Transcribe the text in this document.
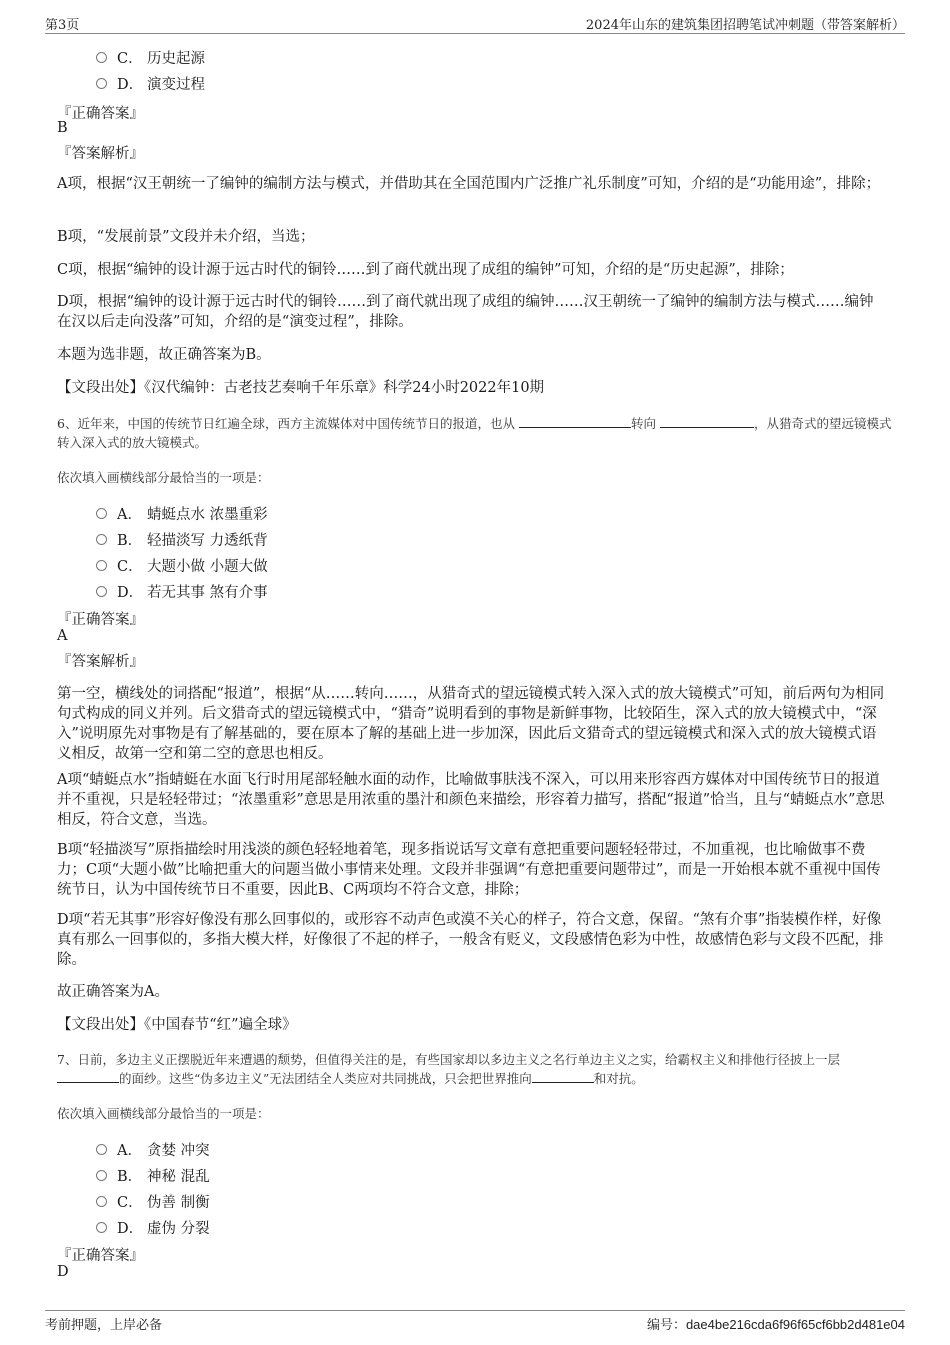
第3页	2024年山东的建筑集团招聘笔试冲刺题（带答案解析）
C． 历史起源
D． 演变过程
『正确答案』
B
『答案解析』
A项，根据“汉王朝统一了编钟的编制方法与模式，并借助其在全国范围内广泛推广礼乐制度”可知，介绍的是“功能用途”，排除；
B项，“发展前景”文段并未介绍，当选；
C项，根据“编钟的设计源于远古时代的铜铃……到了商代就出现了成组的编钟”可知，介绍的是“历史起源”，排除；
D项，根据“编钟的设计源于远古时代的铜铃……到了商代就出现了成组的编钟……汉王朝统一了编钟的编制方法与模式……编钟在汉以后走向没落”可知，介绍的是“演变过程”，排除。
本题为选非题，故正确答案为B。
【文段出处】《汉代编钟：古老技艺奏响千年乐章》科学24小时2022年10期
6、近年来，中国的传统节日红遍全球，西方主流媒体对中国传统节日的报道，也从	转向	，从猎奇式的望远镜模式转入深入式的放大镜模式。
依次填入画横线部分最恰当的一项是：
A． 蜻蜓点水 浓墨重彩
B． 轻描淡写 力透纸背
C． 大题小做 小题大做
D． 若无其事 煞有介事
『正确答案』
A
『答案解析』
第一空，横线处的词搭配“报道”，根据“从……转向……，从猎奇式的望远镜模式转入深入式的放大镜模式”可知，前后两句为相同句式构成的同义并列。后文猎奇式的望远镜模式中，“猎奇”说明看到的事物是新鲜事物，比较陌生，深入式的放大镜模式中，“深入”说明原先对事物是有了解基础的，要在原本了解的基础上进一步加深，因此后文猎奇式的望远镜模式和深入式的放大镜模式语义相反，故第一空和第二空的意思也相反。
A项“蜻蜓点水”指蜻蜓在水面飞行时用尾部轻触水面的动作，比喻做事肤浅不深入，可以用来形容西方媒体对中国传统节日的报道并不重视，只是轻轻带过；“浓墨重彩”意思是用浓重的墨汁和颜色来描绘，形容着力描写，搭配“报道”恰当，且与“蜻蜓点水”意思相反，符合文意，当选。
B项“轻描淡写”原指描绘时用浅淡的颜色轻轻地着笔，现多指说话写文章有意把重要问题轻轻带过，不加重视，也比喻做事不费力；C项“大题小做”比喻把重大的问题当做小事情来处理。文段并非强调“有意把重要问题带过”，而是一开始根本就不重视中国传统节日，认为中国传统节日不重要，因此B、C两项均不符合文意，排除；
D项“若无其事”形容好像没有那么回事似的，或形容不动声色或漠不关心的样子，符合文意，保留。“煞有介事”指装模作样，好像真有那么一回事似的，多指大模大样，好像很了不起的样子，一般含有贬义，文段感情色彩为中性，故感情色彩与文段不匹配，排除。
故正确答案为A。
【文段出处】《中国春节“红”遍全球》
7、日前，多边主义正摆脱近年来遭遇的颓势，但值得关注的是，有些国家却以多边主义之名行单边主义之实，给霸权主义和排他行径披上一层的面纱。这些“伪多边主义”无法团结全人类应对共同挑战，只会把世界推向	和对抗。
依次填入画横线部分最恰当的一项是：
A． 贪婪 冲突
B． 神秘 混乱
C． 伪善 制衡
D． 虚伪 分裂
『正确答案』
D
考前押题，上岸必备	编号：dae4be216cda6f96f65cf6bb2d481e04
